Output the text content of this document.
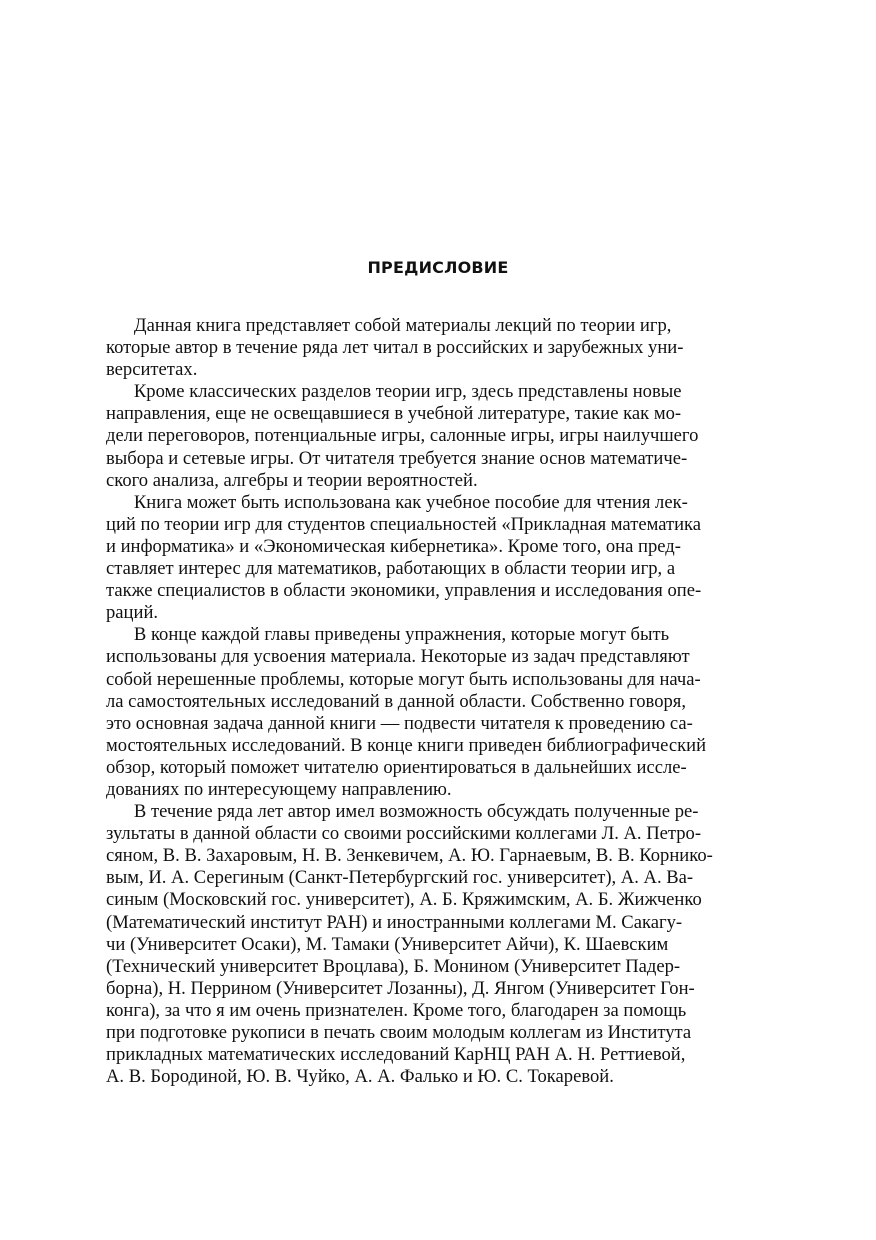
ПРЕДИСЛОВИЕ

Данная книга представляет собой материалы лекций по теории игр,
которые автор в течение ряда лет читал в российских и зарубежных уни-
верситетах.

Кроме классических разделов теории игр, здесь представлены новые
направления, еще не освещавшиеся в учебной литературе, такие как мо-
дели переговоров, потенциальные игры, салонные игры, игры наилучшего
выбора и сетевые игры. От читателя требуется знание основ математиче-
ского анализа, алгебры и теории вероятностей.

Книга может быть использована как учебное пособие для чтения лек-
ций по теории игр для студентов специальностей «Прикладная математика
и информатика» и «Экономическая кибернетика». Кроме того, она пред-
ставляет интерес для математиков, работающих в области теории игр, а
также специалистов в области экономики, управления и исследования опе-
раций.

В конце каждой главы приведены упражнения, которые могут быть
использованы для усвоения материала. Некоторые из задач представляют
собой нерешенные проблемы, которые могут быть использованы для нача-
ла самостоятельных исследований в данной области. Собственно говоря,
это основная задача данной книги — подвести читателя к проведению са-
мостоятельных исследований. В конце книги приведен библиографический
обзор, который поможет читателю ориентироваться в дальнейших иссле-
дованиях по интересующему направлению.

В течение ряда лет автор имел возможность обсуждать полученные ре-
зультаты в данной области со своими российскими коллегами Л. А. Петро-
сяном, В. В. Захаровым, Н. В. Зенкевичем, А. Ю. Гарнаевым, В. В. Корнико-
вым, И. А. Серегиным (Санкт-Петербургский гос. университет), А. А. Ва-
синым (Московский гос. университет), А. Б. Кряжимским, А. Б. Жижченко
(Математический институт РАН) и иностранными коллегами М. Сакагу-
чи (Университет Осаки), М. Тамаки (Университет Айчи), К. Шаевским
(Технический университет Вроцлава), Б. Монином (Университет Падер-
борна), Н. Перрином (Университет Лозанны), Д. Янгом (Университет Гон-
конга), за что я им очень признателен. Кроме того, благодарен за помощь
при подготовке рукописи в печать своим молодым коллегам из Института
прикладных математических исследований КарНЦ РАН А. Н. Реттиевой,
А. В. Бородиной, Ю. В. Чуйко, А. А. Фалько и Ю. С. Токаревой.
